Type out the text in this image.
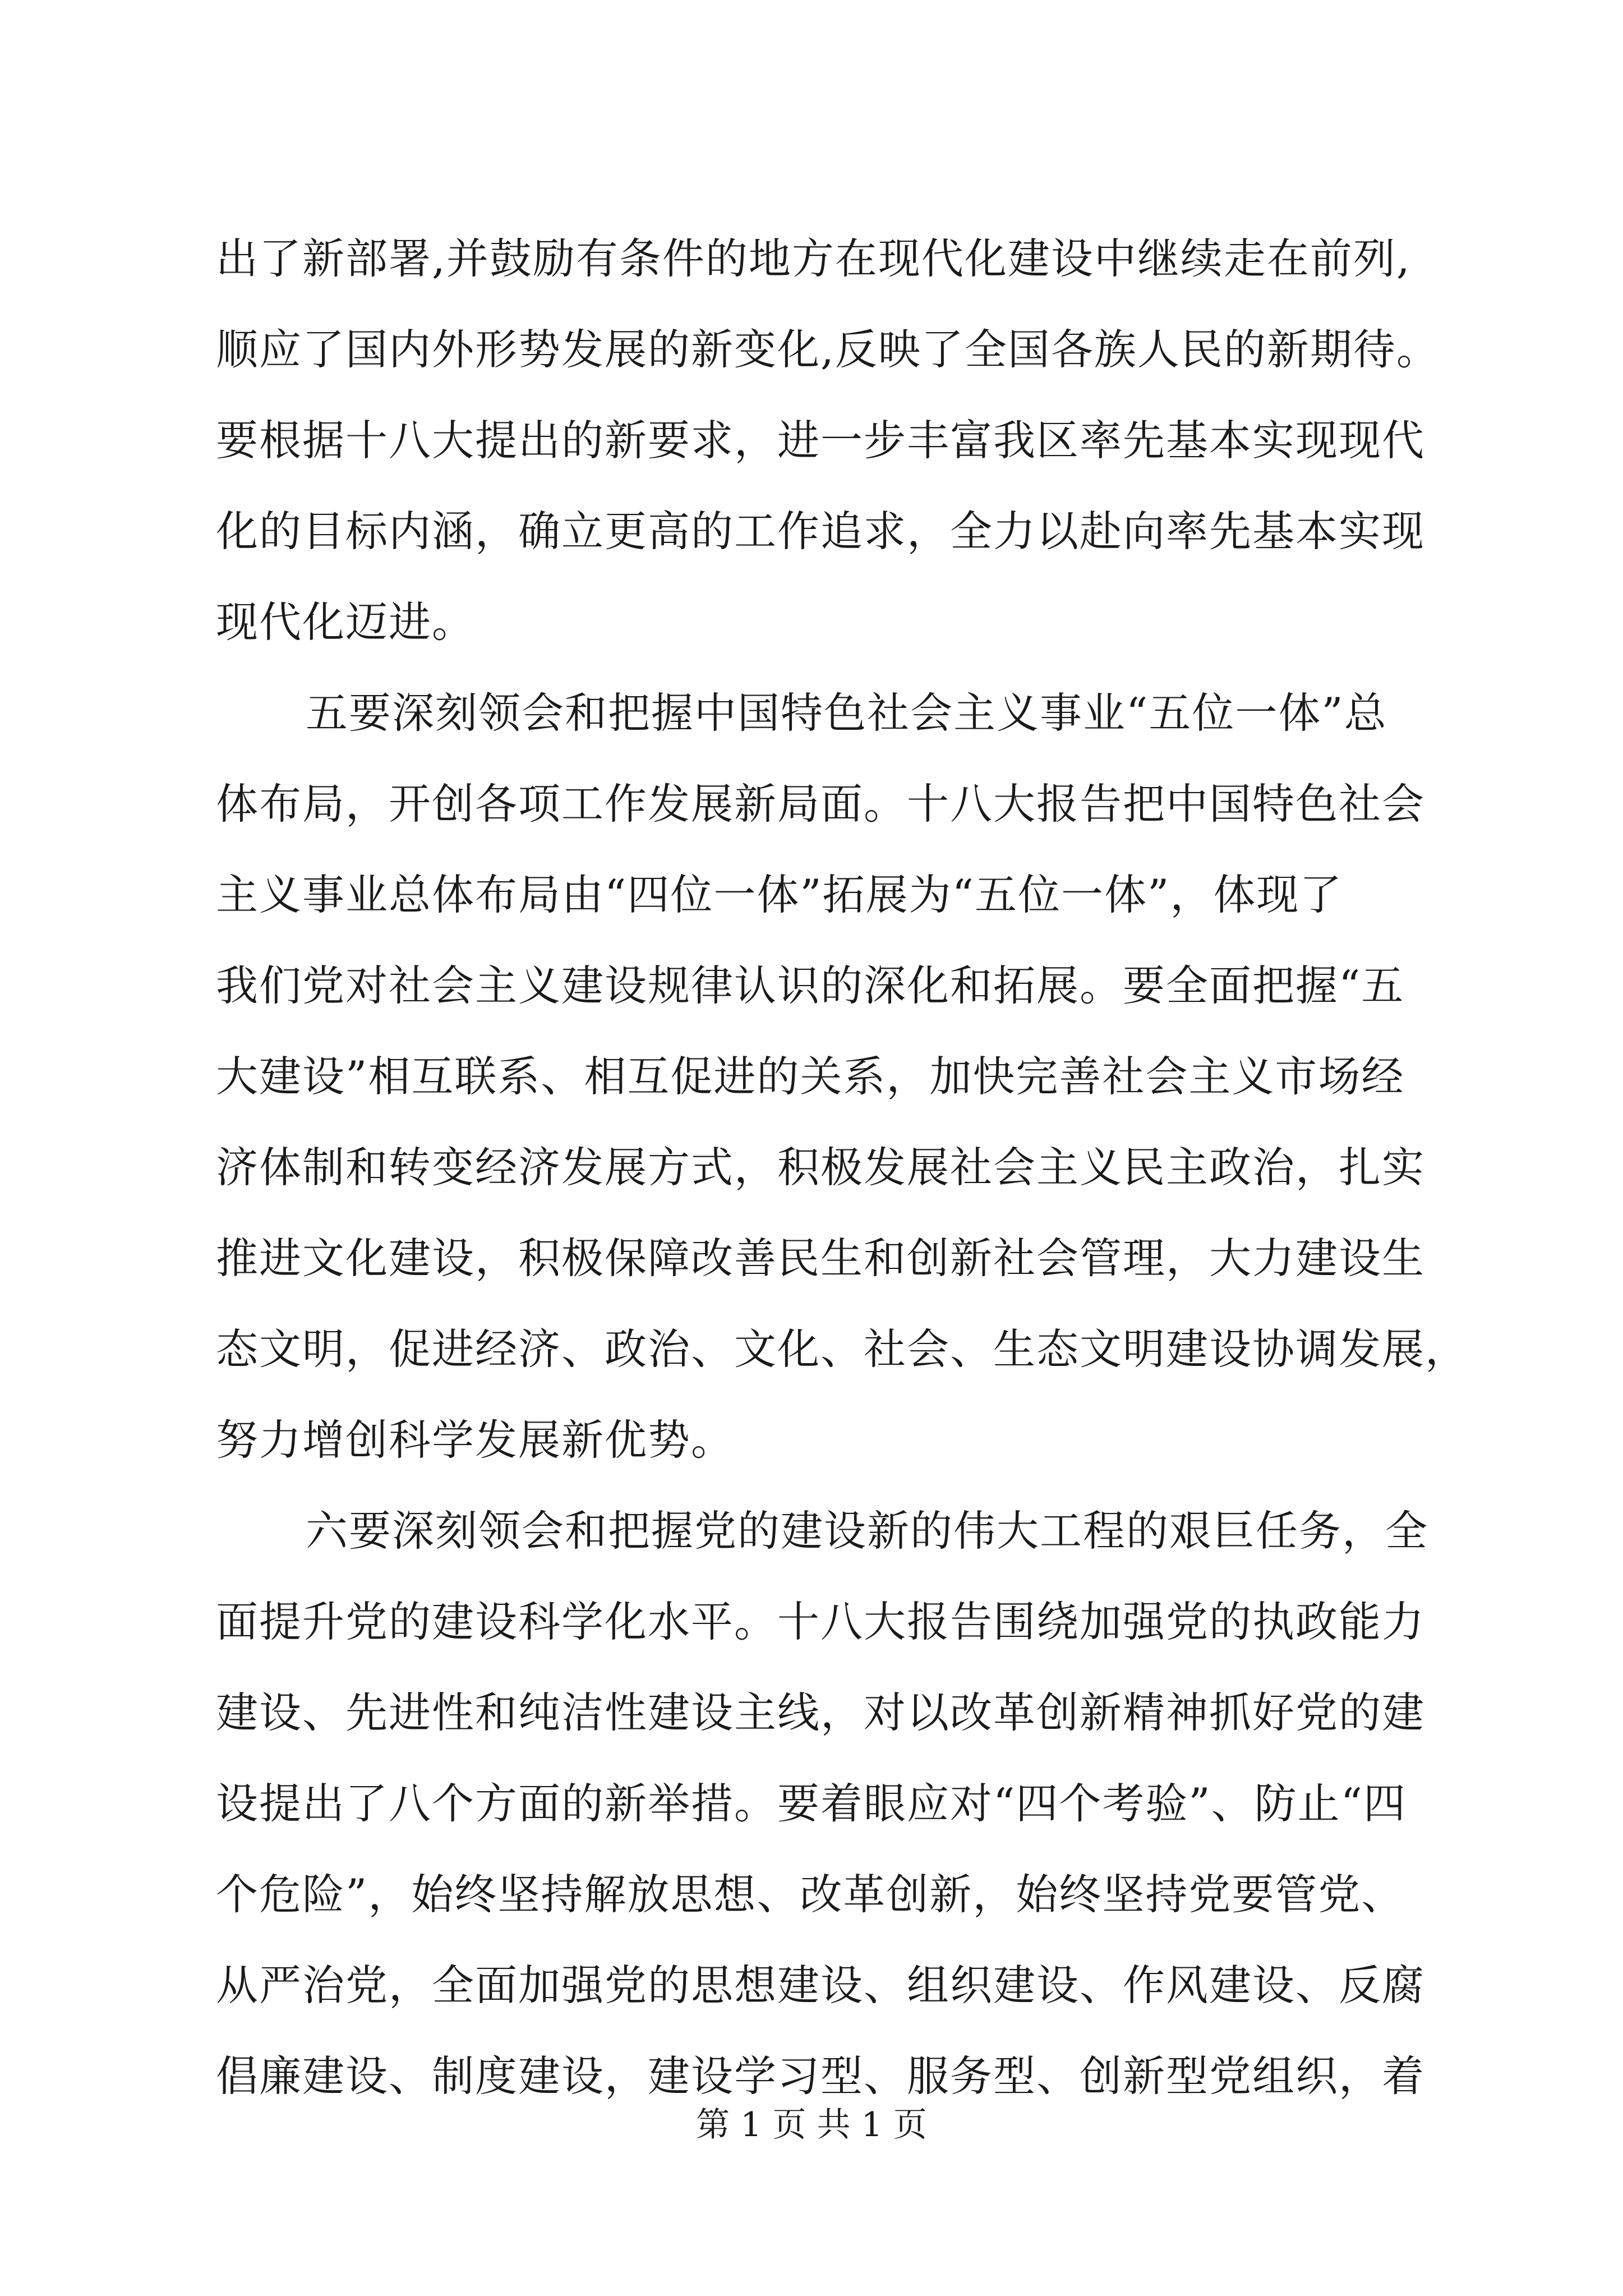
出了新部署,并鼓励有条件的地方在现代化建设中继续走在前列,
顺应了国内外形势发展的新变化,反映了全国各族人民的新期待。
要根据十八大提出的新要求，进一步丰富我区率先基本实现现代
化的目标内涵，确立更高的工作追求，全力以赴向率先基本实现
现代化迈进。
五要深刻领会和把握中国特色社会主义事业“五位一体”总
体布局，开创各项工作发展新局面。十八大报告把中国特色社会
主义事业总体布局由“四位一体”拓展为“五位一体”，体现了
我们党对社会主义建设规律认识的深化和拓展。要全面把握“五
大建设”相互联系、相互促进的关系，加快完善社会主义市场经
济体制和转变经济发展方式，积极发展社会主义民主政治，扎实
推进文化建设，积极保障改善民生和创新社会管理，大力建设生
态文明，促进经济、政治、文化、社会、生态文明建设协调发展，
努力增创科学发展新优势。
六要深刻领会和把握党的建设新的伟大工程的艰巨任务，全
面提升党的建设科学化水平。十八大报告围绕加强党的执政能力
建设、先进性和纯洁性建设主线，对以改革创新精神抓好党的建
设提出了八个方面的新举措。要着眼应对“四个考验”、防止“四
个危险”，始终坚持解放思想、改革创新，始终坚持党要管党、
从严治党，全面加强党的思想建设、组织建设、作风建设、反腐
倡廉建设、制度建设，建设学习型、服务型、创新型党组织，着
第 1 页 共 1 页
